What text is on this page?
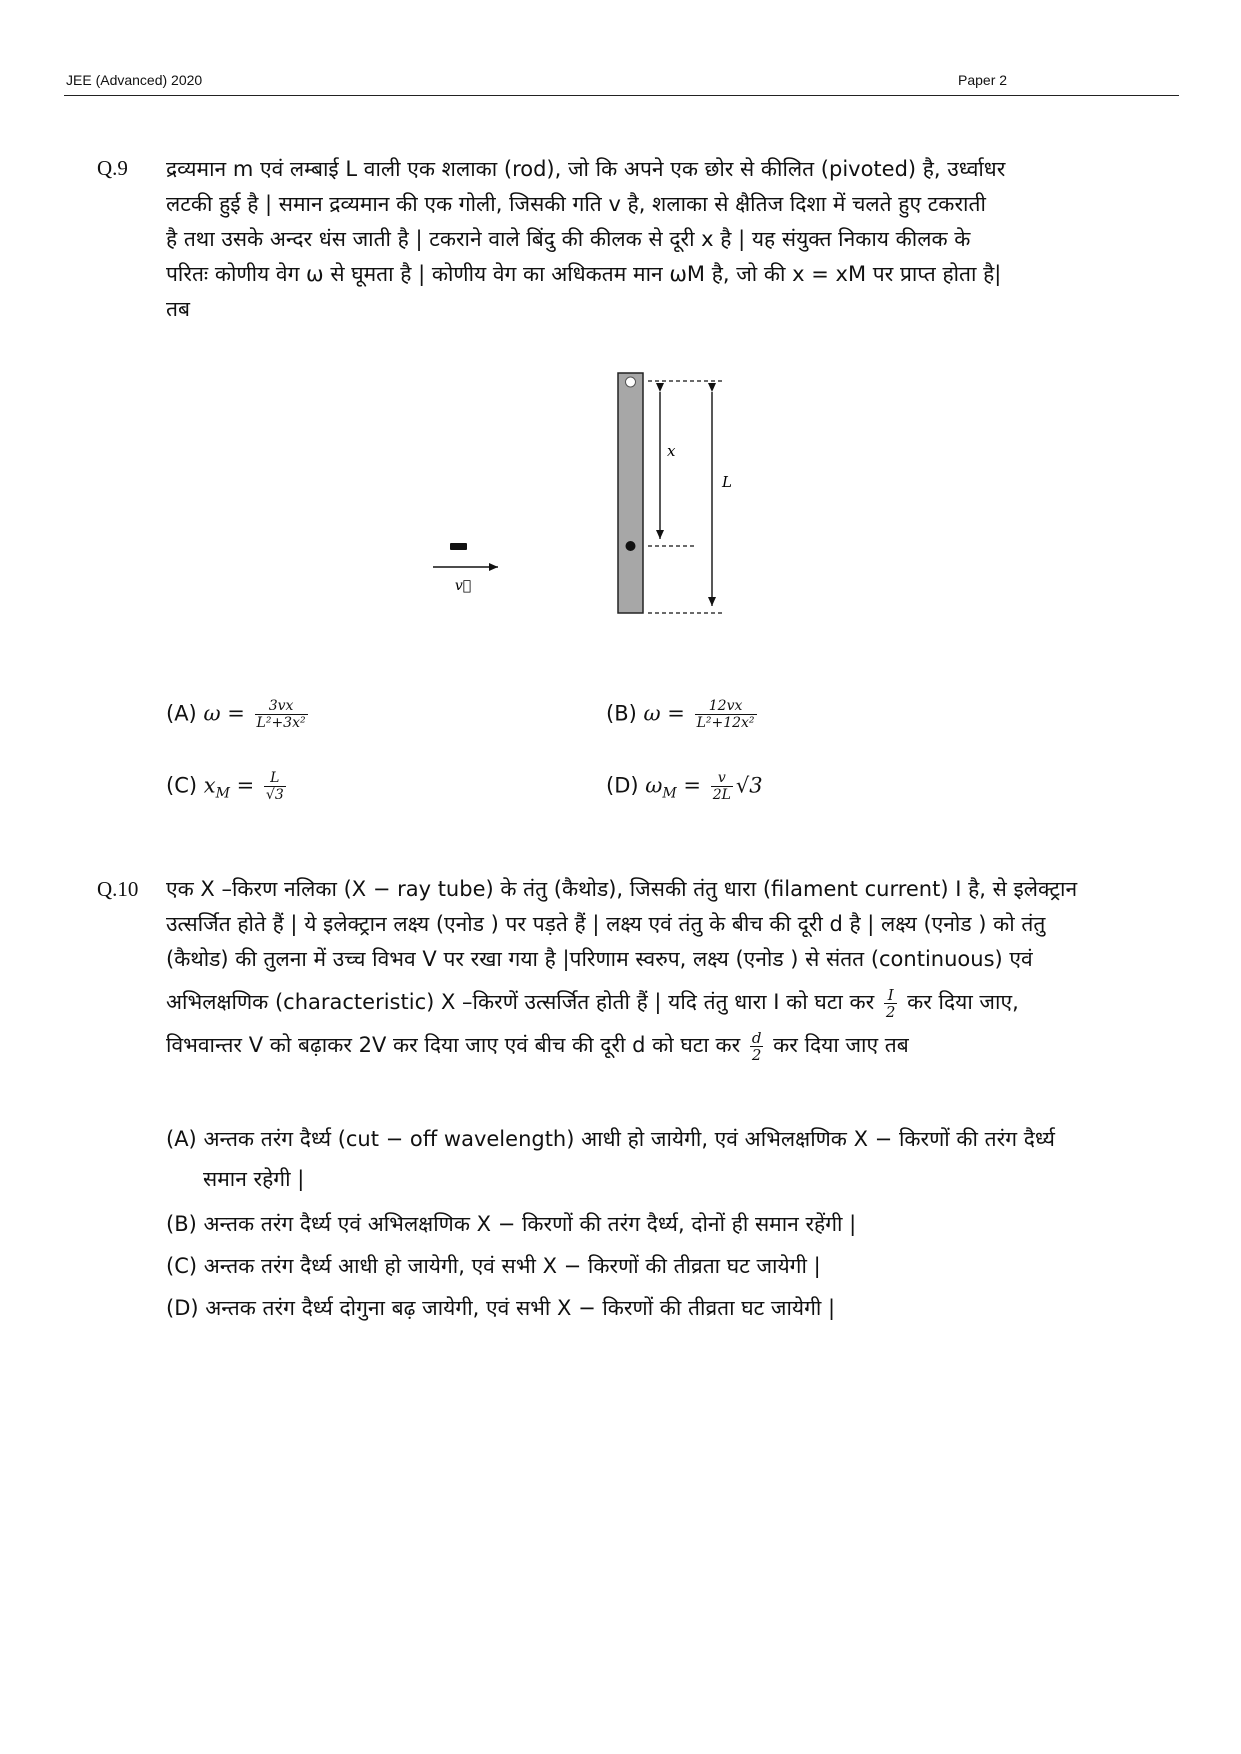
JEE (Advanced) 2020	Paper 2
Q.9 द्रव्यमान m एवं लम्बाई L वाली एक शलाका (rod), जो कि अपने एक छोर से कीलित (pivoted) है, उर्ध्वाधर
लटकी हुई है | समान द्रव्यमान की एक गोली, जिसकी गति v है, शलाका से क्षैतिज दिशा में चलते हुए टकराती
है तथा उसके अन्दर धंस जाती है | टकराने वाले बिंदु की कीलक से दूरी x है | यह संयुक्त निकाय कीलक के
परितः कोणीय वेग ω से घूमता है | कोणीय वेग का अधिकतम मान ωM है, जो की x = xM पर प्राप्त होता है|
तब
x
L
v⃗
(A) $\omega = \frac{3vx}{\text{L²+3x²}}$	(B) $\omega = \frac{12vx}{\text{L²+12x²}}$
(C) $x_M = \frac{L}{√3}$	(D) $\omega_M = \frac{v}{2L} √3$
Q.10 एक X –किरण नलिका (X − ray tube) के तंतु (कैथोड), जिसकी तंतु धारा (filament current) I है, से इलेक्ट्रान
उत्सर्जित होते हैं | ये इलेक्ट्रान लक्ष्य (एनोड ) पर पड़ते हैं | लक्ष्य एवं तंतु के बीच की दूरी d है | लक्ष्य (एनोड ) को तंतु
(कैथोड) की तुलना में उच्च विभव V पर रखा गया है |परिणाम स्वरुप, लक्ष्य (एनोड ) से संतत (continuous) एवं
अभिलक्षणिक (characteristic) X –किरणें उत्सर्जित होती हैं | यदि तंतु धारा I को घटा कर $\frac{I}{2}$ कर दिया जाए,
विभवान्तर V को बढ़ाकर 2V कर दिया जाए एवं बीच की दूरी d को घटा कर $\frac{d}{2}$ कर दिया जाए तब
(A) अन्तक तरंग दैर्ध्य (cut − off wavelength) आधी हो जायेगी, एवं अभिलक्षणिक X − किरणों की तरंग दैर्ध्य
समान रहेगी |
(B) अन्तक तरंग दैर्ध्य एवं अभिलक्षणिक X − किरणों की तरंग दैर्ध्य, दोनों ही समान रहेंगी |
(C) अन्तक तरंग दैर्ध्य आधी हो जायेगी, एवं सभी X − किरणों की तीव्रता घट जायेगी |
(D) अन्तक तरंग दैर्ध्य दोगुना बढ़ जायेगी, एवं सभी X − किरणों की तीव्रता घट जायेगी |
